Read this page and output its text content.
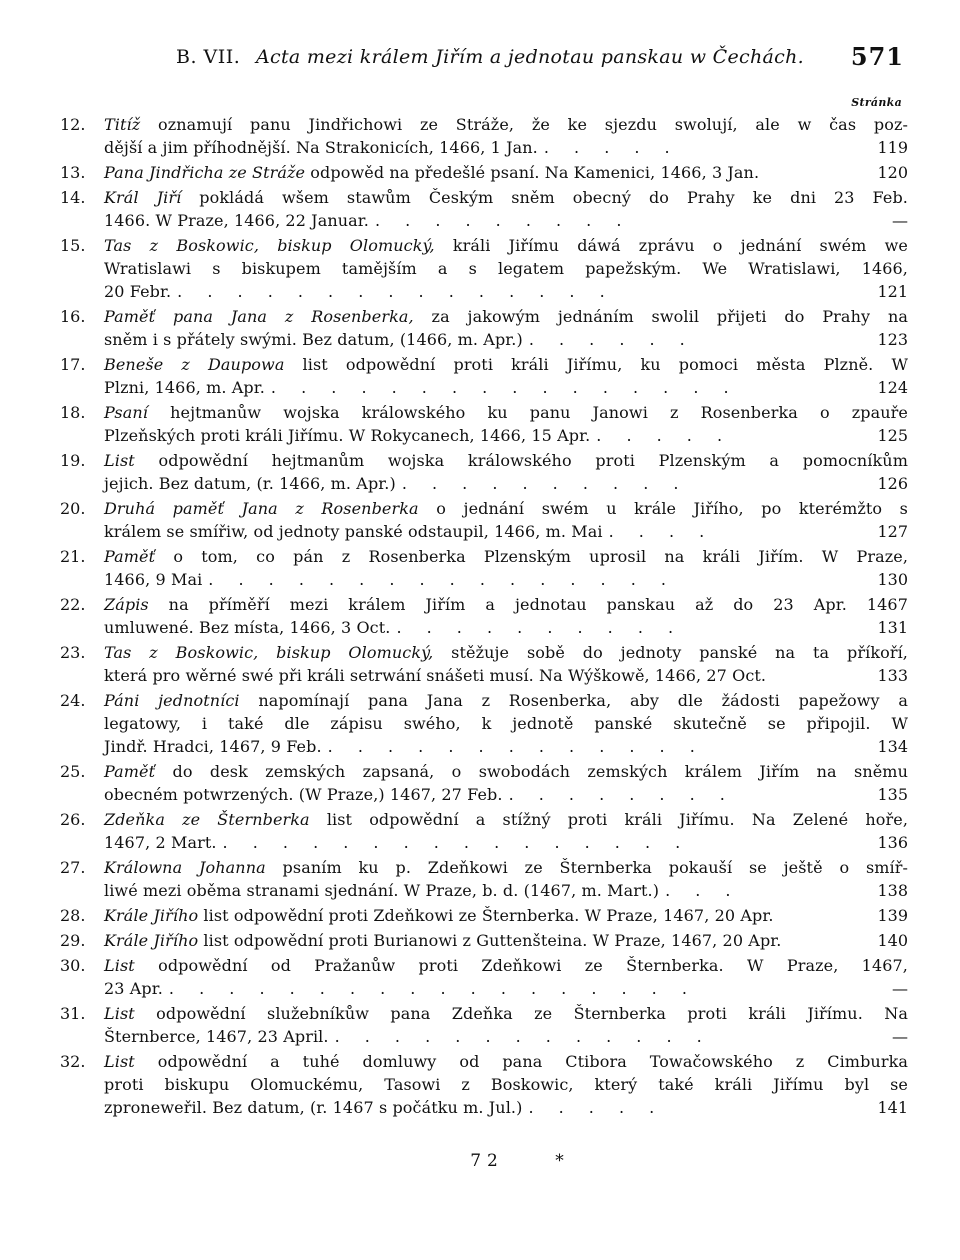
B. VII. Acta mezi králem Jiřím a jednotau panskau w Čechách. 571
Stránka
12. Titíž oznamují panu Jindřichowi ze Stráže, že ke sjezdu swolují, ale w čas poz-
dější a jim příhodnější. Na Strakonicích, 1466, 1 Jan. . . . . .	119
13. Pana Jindřicha ze Stráže odpowěd na předešlé psaní. Na Kamenici, 1466, 3 Jan.	120
14. Král Jiří pokládá wšem stawům Českým sněm obecný do Prahy ke dni 23 Feb.
1466. W Praze, 1466, 22 Januar. . . . . . . . . .	—
15. Tas z Boskowic, biskup Olomucký, králi Jiřímu dáwá zprávu o jednání swém we
Wratislawi s biskupem tamějším a s legatem papežským. We Wratislawi, 1466,
20 Febr. . . . . . . . . . . . . . . .	121
16. Paměť pana Jana z Rosenberka, za jakowým jednáním swolil přijeti do Prahy na
sněm i s přátely swými. Bez datum, (1466, m. Apr.) . . . . . .	123
17. Beneše z Daupowa list odpowědní proti králi Jiřímu, ku pomoci města Plzně. W
Plzni, 1466, m. Apr. . . . . . . . . . . . . . . . .	124
18. Psaní hejtmanůw wojska králowského ku panu Janowi z Rosenberka o zpauře
Plzeňských proti králi Jiřímu. W Rokycanech, 1466, 15 Apr. . . . . .	125
19. List odpowědní hejtmanům wojska králowského proti Plzenským a pomocníkům
jejich. Bez datum, (r. 1466, m. Apr.) . . . . . . . . . .	126
20. Druhá paměť Jana z Rosenberka o jednání swém u krále Jiřího, po kterémžto s
králem se smířiw, od jednoty panské odstaupil, 1466, m. Mai . . . .	127
21. Paměť o tom, co pán z Rosenberka Plzenským uprosil na králi Jiřím. W Praze,
1466, 9 Mai . . . . . . . . . . . . . . . .	130
22. Zápis na příměří mezi králem Jiřím a jednotau panskau až do 23 Apr. 1467
umluwené. Bez místa, 1466, 3 Oct. . . . . . . . . . .	131
23. Tas z Boskowic, biskup Olomucký, stěžuje sobě do jednoty panské na ta příkoří,
která pro wěrné swé při králi setrwání snášeti musí. Na Wýškowě, 1466, 27 Oct.	133
24. Páni jednotníci napomínají pana Jana z Rosenberka, aby dle žádosti papežowy a
legatowy, i také dle zápisu swého, k jednotě panské skutečně se připojil. W
Jindř. Hradci, 1467, 9 Feb. . . . . . . . . . . . . .	134
25. Paměť do desk zemských zapsaná, o swobodách zemských králem Jiřím na sněmu
obecném potwrzených. (W Praze,) 1467, 27 Feb. . . . . . . . .	135
26. Zdeňka ze Šternberka list odpowědní a stížný proti králi Jiřímu. Na Zelené hoře,
1467, 2 Mart. . . . . . . . . . . . . . . . .	136
27. Králowna Johanna psaním ku p. Zdeňkowi ze Šternberka pokauší se ještě o smíř-
liwé mezi oběma stranami sjednání. W Praze, b. d. (1467, m. Mart.) . . .	138
28. Krále Jiřího list odpowědní proti Zdeňkowi ze Šternberka. W Praze, 1467, 20 Apr.	139
29. Krále Jiřího list odpowědní proti Burianowi z Guttenšteina. W Praze, 1467, 20 Apr.	140
30. List odpowědní od Pražanůw proti Zdeňkowi ze Šternberka. W Praze, 1467,
23 Apr. . . . . . . . . . . . . . . . . . .	—
31. List odpowědní služebníkůw pana Zdeňka ze Šternberka proti králi Jiřímu. Na
Šternberce, 1467, 23 April. . . . . . . . . . . . . .	—
32. List odpowědní a tuhé domluwy od pana Ctibora Towačowského z Cimburka
proti biskupu Olomuckému, Tasowi z Boskowic, který také králi Jiřímu byl se
zproneweřil. Bez datum, (r. 1467 s počátku m. Jul.) . . . . .	141
72	*
